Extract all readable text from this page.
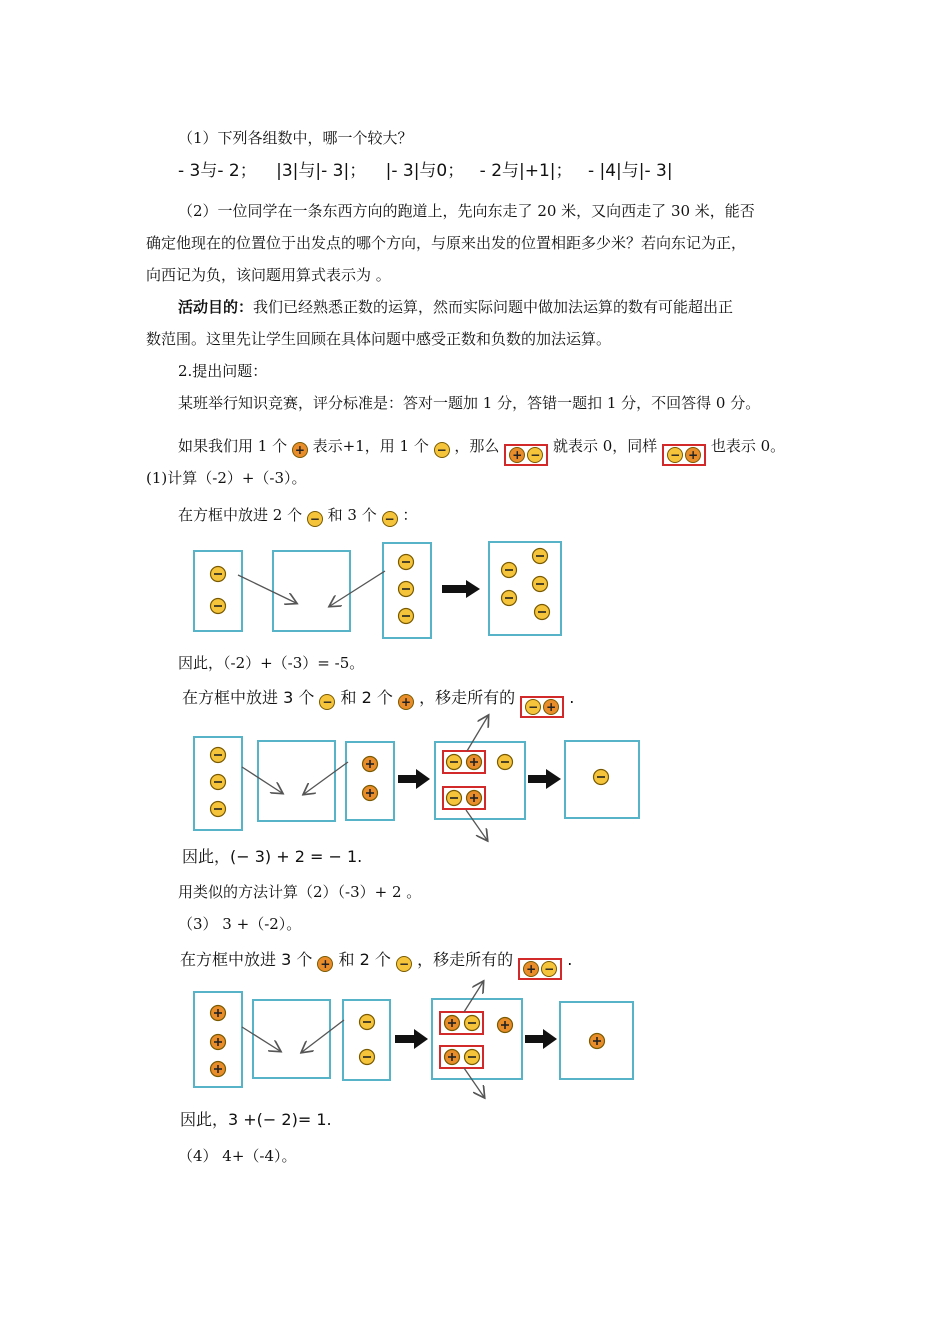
（1）下列各组数中，哪一个较大？
- 3与- 2； |3|与|- 3|； |- 3|与0； - 2与|+1|； - |4|与|- 3|
（2）一位同学在一条东西方向的跑道上，先向东走了 20 米，又向西走了 30 米，能否
确定他现在的位置位于出发点的哪个方向，与原来出发的位置相距多少米？若向东记为正，
向西记为负，该问题用算式表示为 。
活动目的：我们已经熟悉正数的运算，然而实际问题中做加法运算的数有可能超出正
数范围。这里先让学生回顾在具体问题中感受正数和负数的加法运算。
2.提出问题：
某班举行知识竞赛，评分标准是：答对一题加 1 分，答错一题扣 1 分，不回答得 0 分。
如果我们用 1 个 + 表示+1，用 1 个 − ，那么 + − 就表示 0，同样 − + 也表示 0。
(1)计算（-2）+（-3）。
在方框中放进 2 个 − 和 3 个 − ：
因此，（-2）+（-3）= -5。
在方框中放进 3 个 − 和 2 个 + ，移走所有的 − + .
因此，(− 3) + 2 = − 1.
用类似的方法计算（2）（-3）+ 2 。
（3） 3 +（-2）。
在方框中放进 3 个 + 和 2 个 − ，移走所有的 + − .
因此，3 +(− 2)= 1.
（4） 4+（-4）。
